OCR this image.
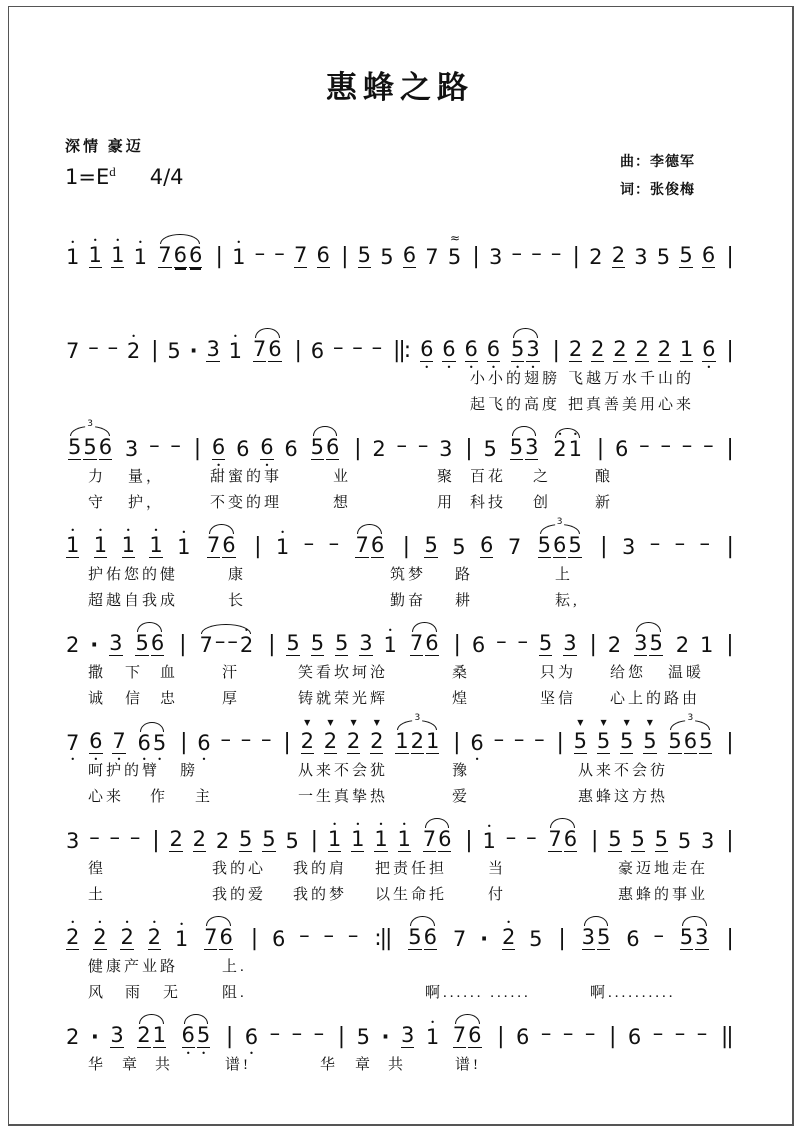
惠蜂之路
深情 豪迈
$1=E^d$ 4/4
曲：李德军
词：张俊梅
1
•
1
•
1
•
1
•
7 6 6 | 1
• – – 7 6 | 5 5 6 7 5
≈
| 3 – – – | 2 2 3 5 5 6 |
7 – – 2
•
| 5 · 3 1
•
7 6 | 6 – – – ||: 6
•
6
•
6
•
6
•
5
•
3
•
| 2 2 2 2 2 1 6
•
|
小小的翅膀 飞越万水千山的
起飞的高度 把真善美用心来
3
5 5 6 3 – – | 6
•
6 6
•
6 5 6 | 2 – – 3 | 5 5 3 2
•
1
•
| 6 – – – – |
力 量，	甜蜜的事	业	聚 百花 之	酿
守 护，	不变的理	想	用 科技 创	新
1
•
1
•
1
•
1
•
1
•
7 6 | 1
• – – 7 6 | 5 5 6 7
3
5 6 5 | 3 – – – |
护佑您的健	康	筑梦 路	上
超越自我成	长	勤奋 耕	耘,
2 · 3 5 6 | 7 – – 2
•
| 5 5 5 3 1
•
7 6 | 6 – – 5 3 | 2 3 5 2 1 |
撒 下 血	汗	笑看坎坷沧	桑	只为 给您 温暖
诚 信 忠	厚	铸就荣光辉	煌	坚信 心上的路由
7
•
6
•
7
•
6
•
5
•
| 6
•
– – – | 2
▼
2
▼
2
▼
2
▼	3
1 2 1 | 6
•
– – – | 5
▼
5
▼
5
▼
5
▼	3
5 6 5 |
呵护的臂 膀	从来不会犹	豫	从来不会彷
心来 作 主	一生真挚热	爱	惠蜂这方热
3 – – – | 2 2 2 5 5 5 | 1
•
1
•
1
•
1
•
7 6 | 1
• – – 7 6 | 5 5 5 5 3 |
徨	我的心 我的肩 把责任担	当	豪迈地走在
土	我的爱 我的梦 以生命托	付	惠蜂的事业
2
•
2
•
2
•
2
•
1
•
7 6 | 6 – – – :|| 5 6 7 · 2
•
5 | 3 5 6 – 5 3 |
健康产业路	上.
风 雨 无	阻.	啊...... ......	啊..........
2 · 3 2 1 6
•
5
•
| 6
•
– – – | 5 · 3 1
•
7 6 | 6 – – – | 6 – – – ||
华 章 共	谱!	华 章 共	谱!
